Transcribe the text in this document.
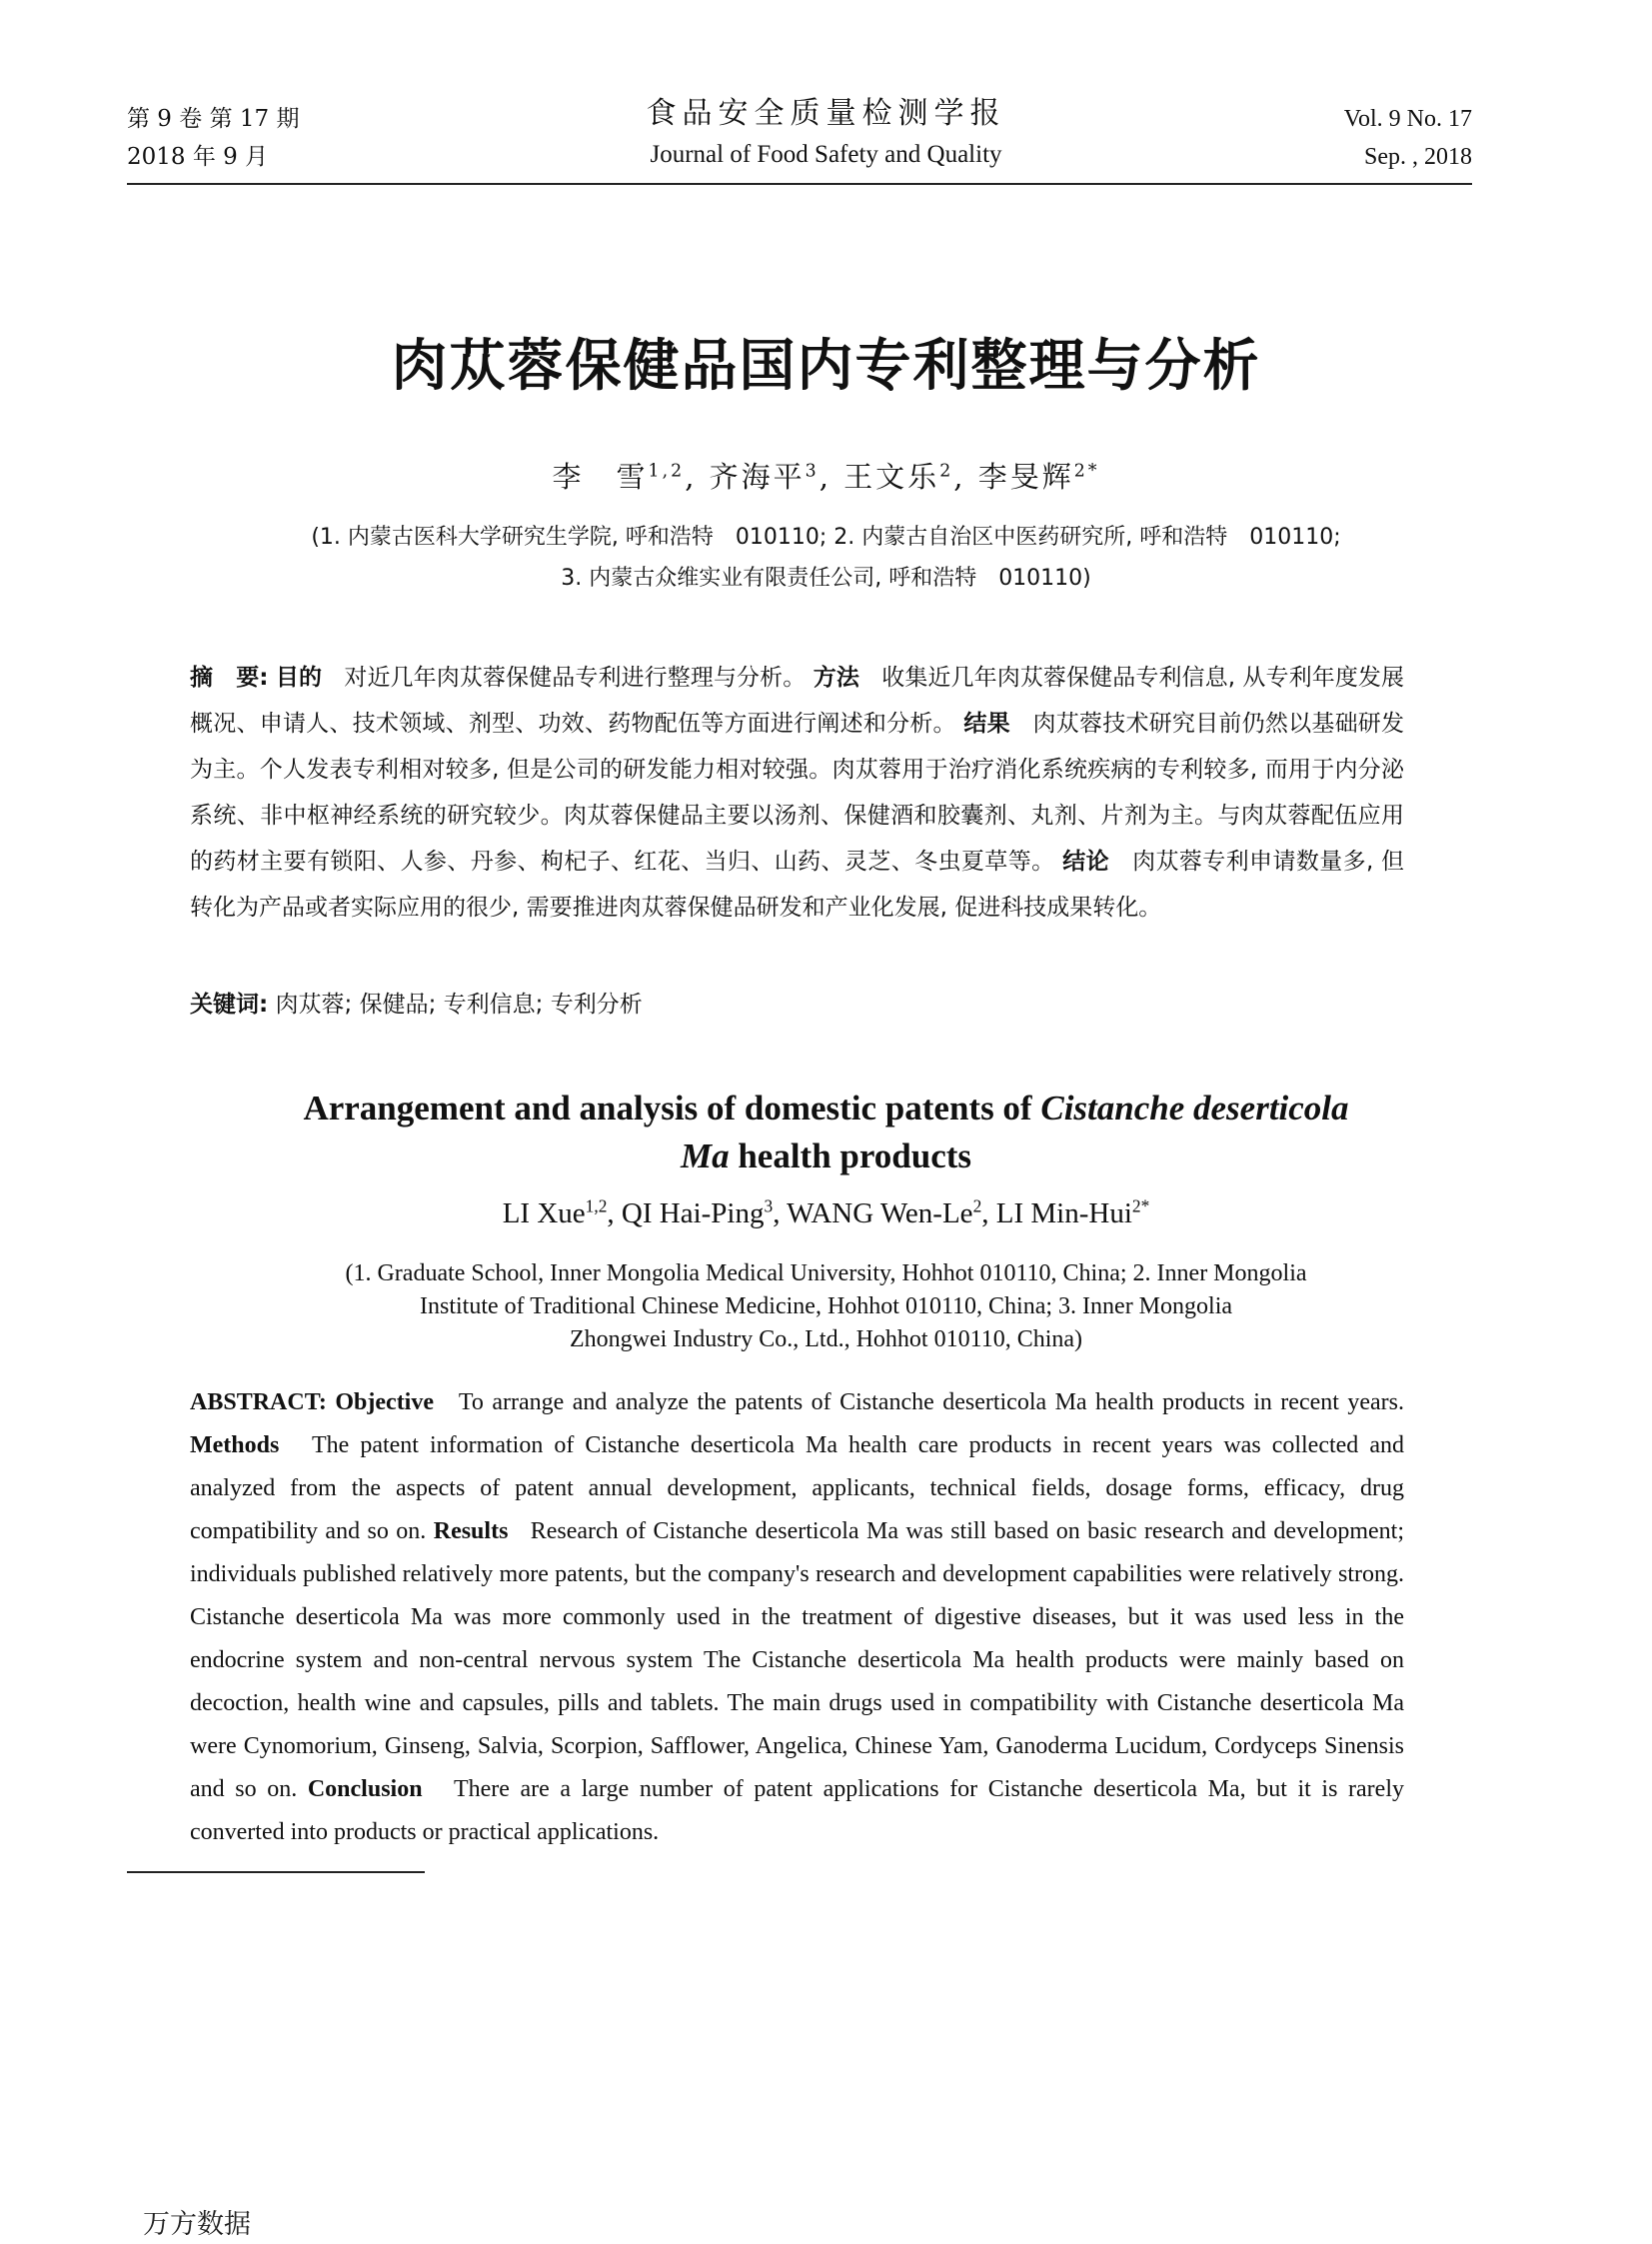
第 9 卷 第 17 期
2018 年 9 月
食品安全质量检测学报
Journal of Food Safety and Quality
Vol. 9 No. 17
Sep. , 2018
肉苁蓉保健品国内专利整理与分析
李　雪$^{1,2}$, 齐海平$^3$, 王文乐$^2$, 李旻辉$^{2*}$
(1. 内蒙古医科大学研究生学院, 呼和浩特　010110; 2. 内蒙古自治区中医药研究所, 呼和浩特　010110;
3. 内蒙古众维实业有限责任公司, 呼和浩特　010110)
摘　要: 目的 对近几年肉苁蓉保健品专利进行整理与分析。 方法 收集近几年肉苁蓉保健品专利信息, 从专利年度发展概况、申请人、技术领域、剂型、功效、药物配伍等方面进行阐述和分析。 结果 肉苁蓉技术研究目前仍然以基础研发为主。个人发表专利相对较多, 但是公司的研发能力相对较强。肉苁蓉用于治疗消化系统疾病的专利较多, 而用于内分泌系统、非中枢神经系统的研究较少。肉苁蓉保健品主要以汤剂、保健酒和胶囊剂、丸剂、片剂为主。与肉苁蓉配伍应用的药材主要有锁阳、人参、丹参、枸杞子、红花、当归、山药、灵芝、冬虫夏草等。 结论 肉苁蓉专利申请数量多, 但转化为产品或者实际应用的很少, 需要推进肉苁蓉保健品研发和产业化发展, 促进科技成果转化。
关键词: 肉苁蓉; 保健品; 专利信息; 专利分析
Arrangement and analysis of domestic patents of Cistanche deserticola
Ma health products
LI Xue$^{1,2}$, QI Hai-Ping$^3$, WANG Wen-Le$^2$, LI Min-Hui$^{2*}$
(1. Graduate School, Inner Mongolia Medical University, Hohhot 010110, China; 2. Inner Mongolia
Institute of Traditional Chinese Medicine, Hohhot 010110, China; 3. Inner Mongolia
Zhongwei Industry Co., Ltd., Hohhot 010110, China)
ABSTRACT: Objective To arrange and analyze the patents of Cistanche deserticola Ma health products in recent years. Methods The patent information of Cistanche deserticola Ma health care products in recent years was collected and analyzed from the aspects of patent annual development, applicants, technical fields, dosage forms, efficacy, drug compatibility and so on. Results Research of Cistanche deserticola Ma was still based on basic research and development; individuals published relatively more patents, but the company's research and development capabilities were relatively strong. Cistanche deserticola Ma was more commonly used in the treatment of digestive diseases, but it was used less in the endocrine system and non-central nervous system The Cistanche deserticola Ma health products were mainly based on decoction, health wine and capsules, pills and tablets. The main drugs used in compatibility with Cistanche deserticola Ma were Cynomorium, Ginseng, Salvia, Scorpion, Safflower, Angelica, Chinese Yam, Ganoderma Lucidum, Cordyceps Sinensis and so on. Conclusion There are a large number of patent applications for Cistanche deserticola Ma, but it is rarely converted into products or practical applications.
万方数据
